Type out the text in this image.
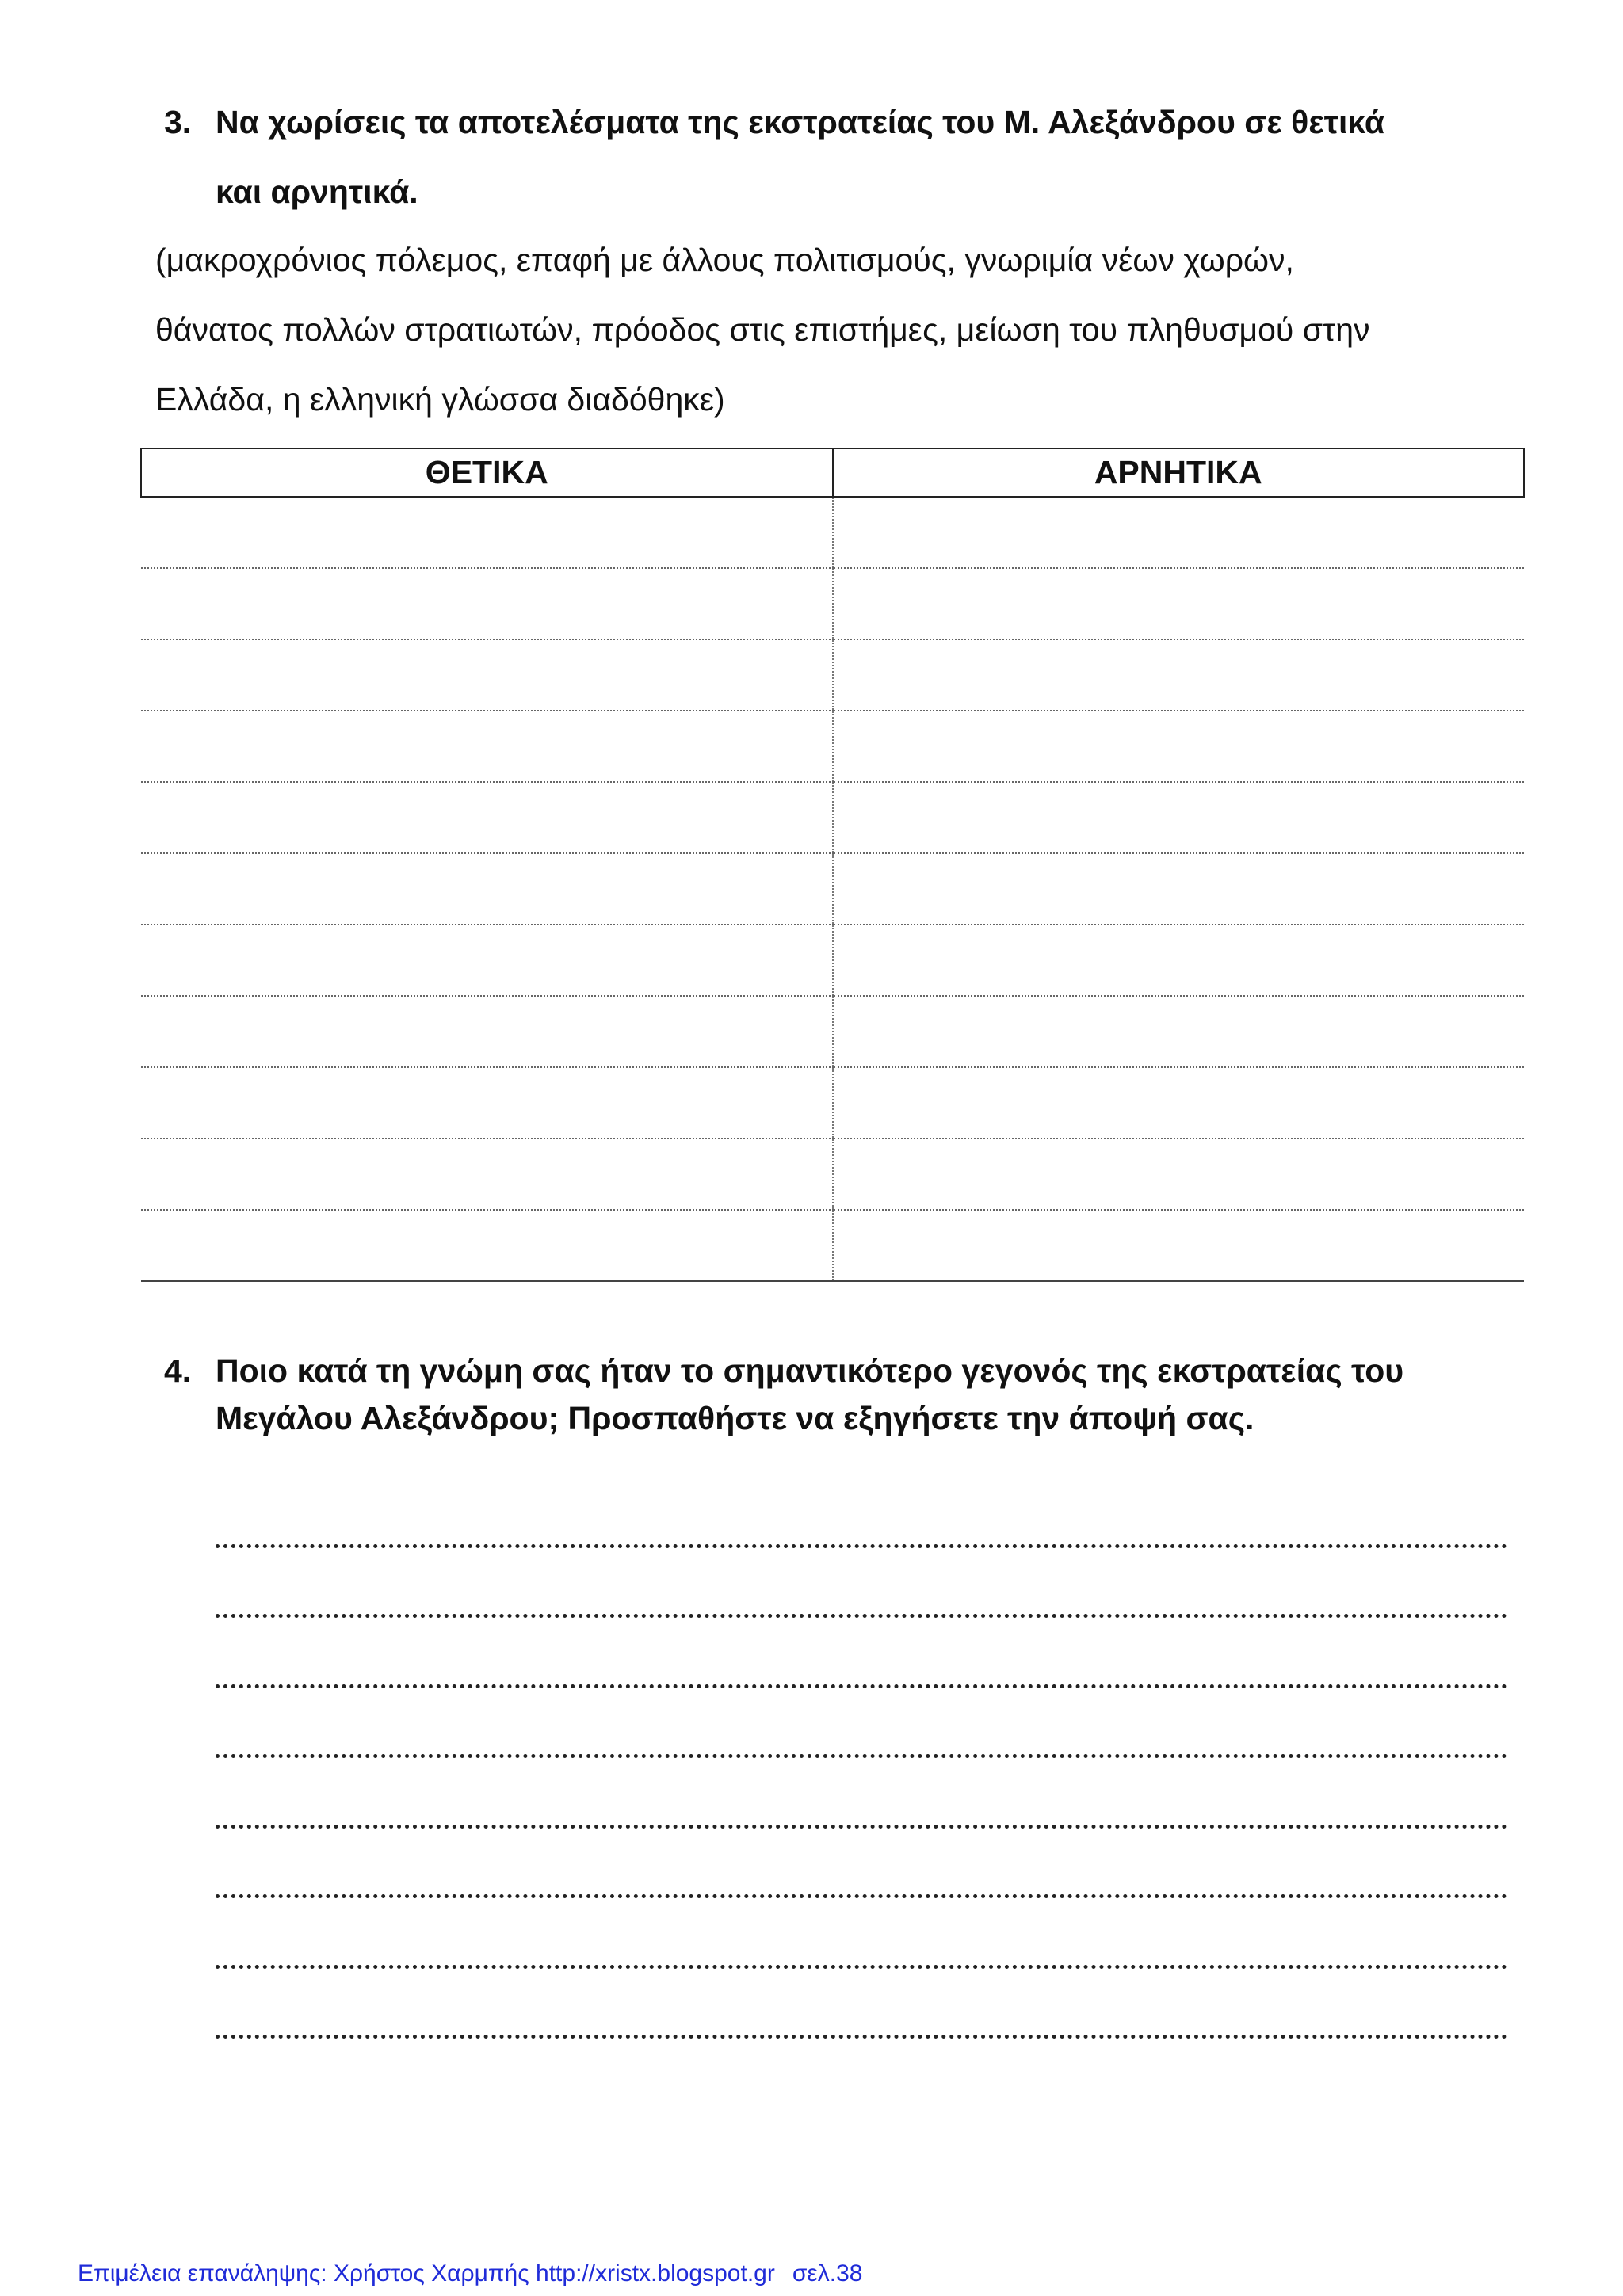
3. Να χωρίσεις τα αποτελέσματα της εκστρατείας του Μ. Αλεξάνδρου σε θετικά
και αρνητικά.
(μακροχρόνιος πόλεμος, επαφή με άλλους πολιτισμούς, γνωριμία νέων χωρών,
θάνατος πολλών στρατιωτών, πρόοδος στις επιστήμες, μείωση του πληθυσμού στην
Ελλάδα, η ελληνική γλώσσα διαδόθηκε)
ΘΕΤΙΚΑ	ΑΡΝΗΤΙΚΑ

4. Ποιο κατά τη γνώμη σας ήταν το σημαντικότερο γεγονός της εκστρατείας του
Μεγάλου Αλεξάνδρου; Προσπαθήστε να εξηγήσετε την άποψή σας.
Επιμέλεια επανάληψης: Χρήστος Χαρμπής http://xristx.blogspot.gr σελ.38
